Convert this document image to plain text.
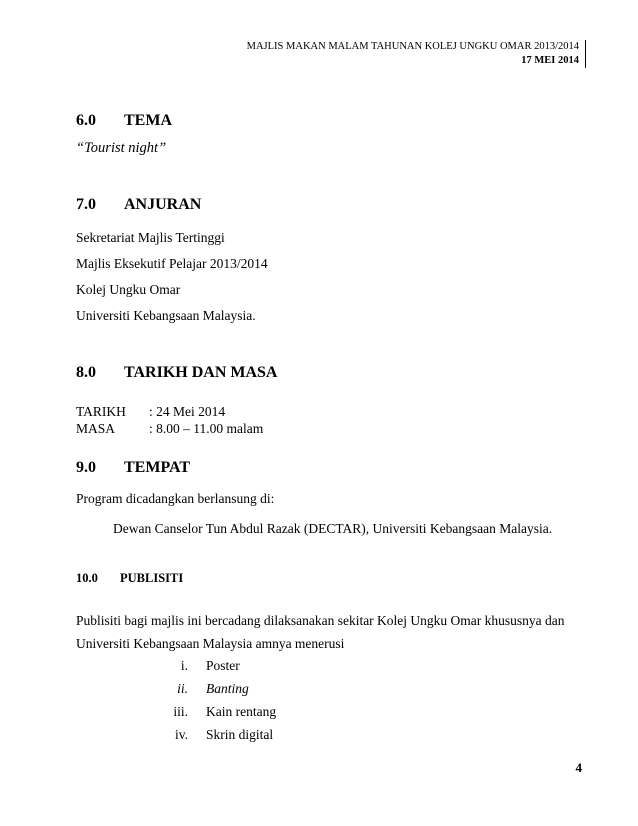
MAJLIS MAKAN MALAM TAHUNAN KOLEJ UNGKU OMAR 2013/2014
17 MEI 2014
6.0	TEMA
“Tourist night”
7.0	ANJURAN
Sekretariat Majlis Tertinggi
Majlis Eksekutif Pelajar 2013/2014
Kolej Ungku Omar
Universiti Kebangsaan Malaysia.
8.0	TARIKH DAN MASA
TARIKH	: 24 Mei 2014
MASA	: 8.00 – 11.00 malam
9.0	TEMPAT
Program dicadangkan berlansung di:
Dewan Canselor Tun Abdul Razak (DECTAR), Universiti Kebangsaan Malaysia.
10.0	PUBLISITI
Publisiti bagi majlis ini bercadang dilaksanakan sekitar Kolej Ungku Omar khususnya dan Universiti Kebangsaan Malaysia amnya menerusi
i.	Poster
ii.	Banting
iii.	Kain rentang
iv.	Skrin digital
4
